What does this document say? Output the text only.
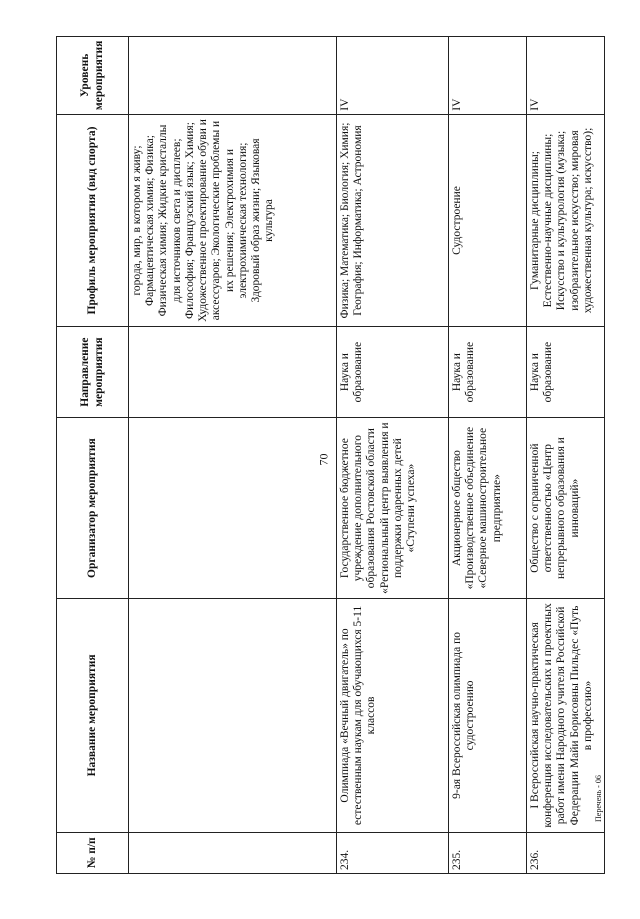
70
№ п/п	Название мероприятия	Организатор мероприятия	Направление мероприятия	Профиль мероприятия (вид спорта)	Уровень мероприятия
				города, мир, в котором я живу; Фармацевтическая химия; Физика; Физическая химия; Жидкие кристаллы для источников света и дисплеев; Философия; Французский язык; Химия; Художественное проектирование обуви и аксессуаров; Экологические проблемы и их решения; Электрохимия и электрохимическая технология; Здоровый образ жизни; Языковая культура	
234.	Олимпиада «Вечный двигатель» по естественным наукам для обучающихся 5-11 классов	Государственное бюджетное учреждение дополнительного образования Ростовской области «Региональный центр выявления и поддержки одаренных детей «Ступени успеха»	Наука и образование	Физика; Математика; Биология; Химия; География; Информатика; Астрономия	IV
235.	9-ая Всероссийская олимпиада по судостроению	Акционерное общество «Производственное объединение «Северное машиностроительное предприятие»	Наука и образование	Судостроение	IV
236.	I Всероссийская научно-практическая конференция исследовательских и проектных работ имени Народного учителя Российской Федерации Майи Борисовны Пильдес «Путь в профессию»	Общество с ограниченной ответственностью «Центр непрерывного образования и инноваций»	Наука и образование	Гуманитарные дисциплины; Естественно-научные дисциплины; Искусство и культурология (музыка; изобразительное искусство; мировая художественная культура; искусство);	IV
Перечень - 06
